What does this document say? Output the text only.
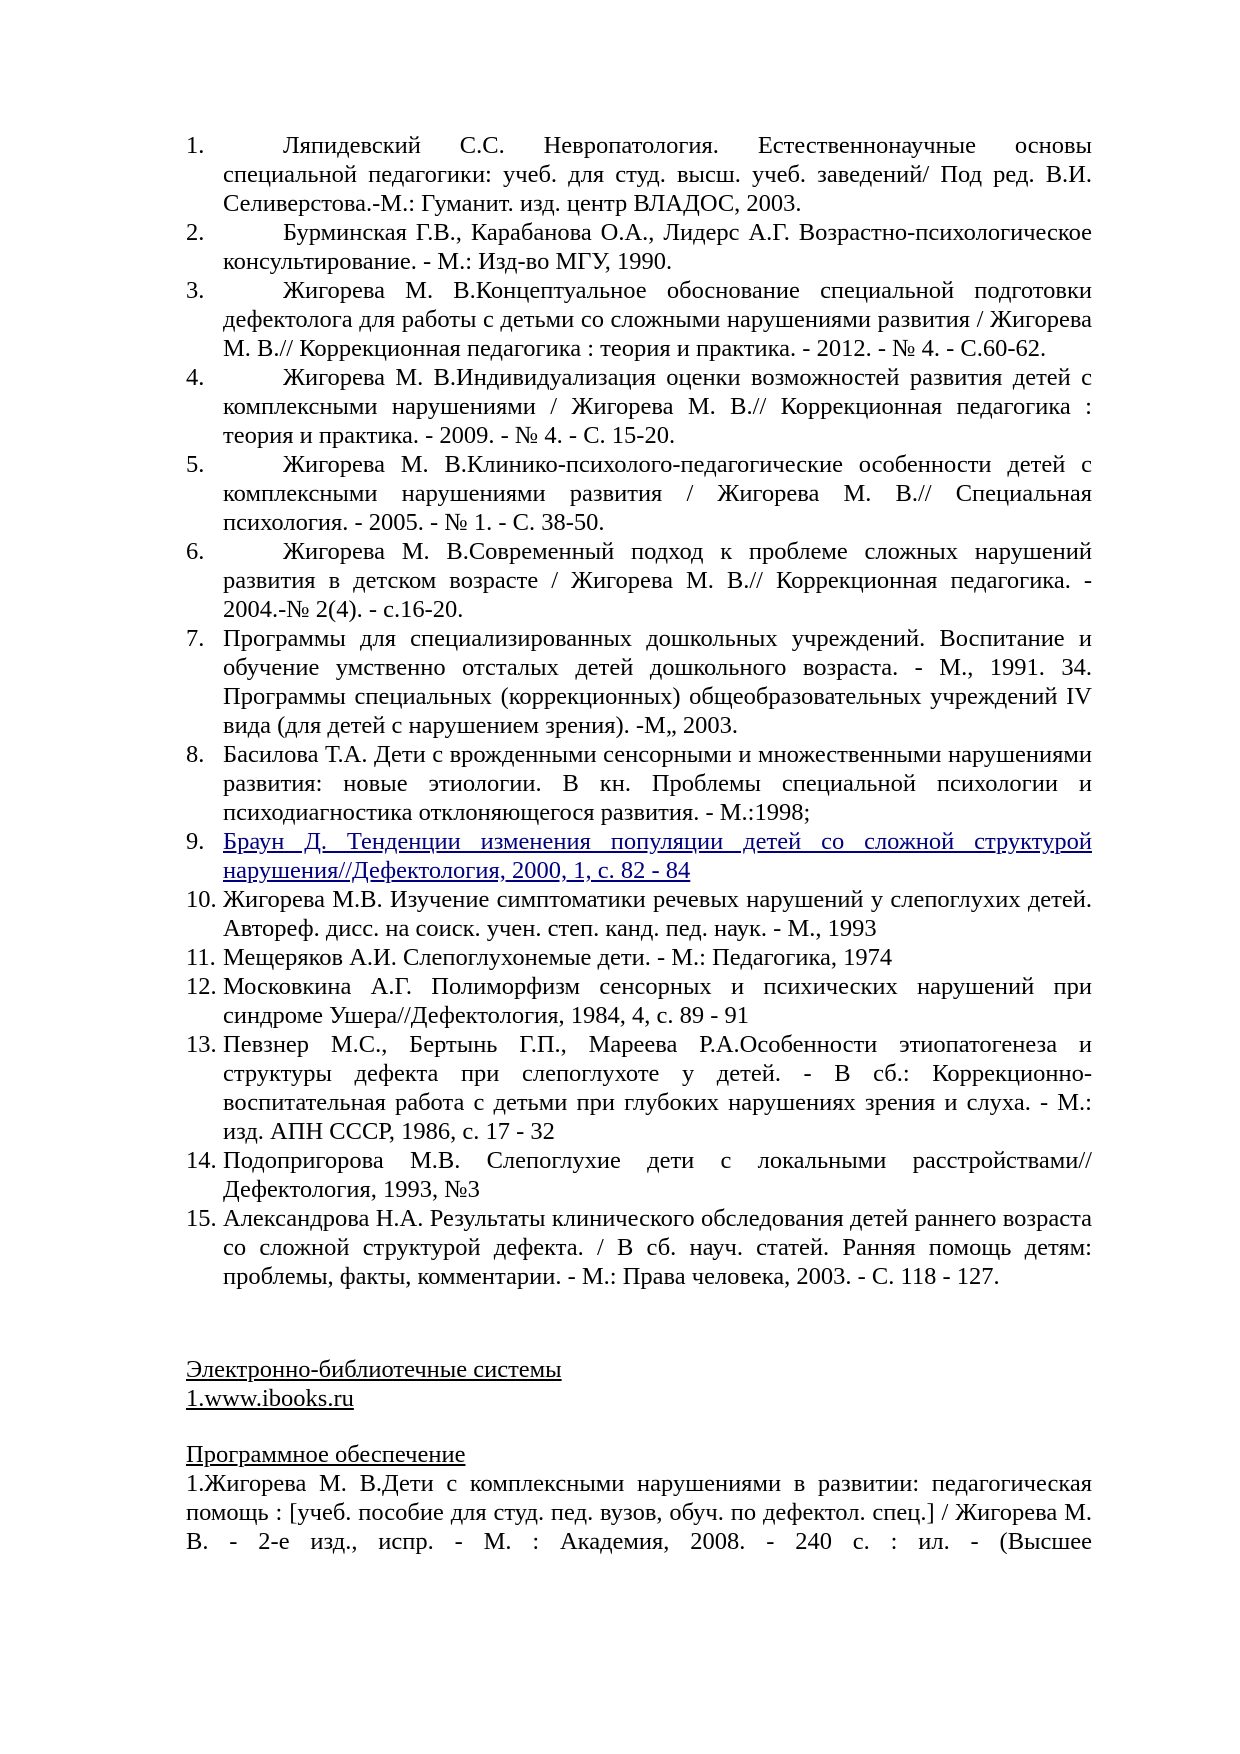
1.	Ляпидевский С.С. Невропатология. Естественнонаучные основы специальной педагогики: учеб. для студ. высш. учеб. заведений/ Под ред. В.И. Селиверстова.-М.: Гуманит. изд. центр ВЛАДОС, 2003.
2.	Бурминская Г.В., Карабанова О.А., Лидерс А.Г. Возрастно-психологическое консультирование. - М.: Изд-во МГУ, 1990.
3.	Жигорева М. В.Концептуальное обоснование специальной подготовки дефектолога для работы с детьми со сложными нарушениями развития / Жигорева М. В.// Коррекционная педагогика : теория и практика. - 2012. - № 4. - С.60-62.
4.	Жигорева М. В.Индивидуализация оценки возможностей развития детей с комплексными нарушениями / Жигорева М. В.// Коррекционная педагогика : теория и практика. - 2009. - № 4. - С. 15-20.
5.	Жигорева М. В.Клинико-психолого-педагогические особенности детей с комплексными нарушениями развития / Жигорева М. В.// Специальная психология. - 2005. - № 1. - С. 38-50.
6.	Жигорева М. В.Современный подход к проблеме сложных нарушений развития в детском возрасте / Жигорева М. В.// Коррекционная педагогика. - 2004.-№ 2(4). - с.16-20.
7. Программы для специализированных дошкольных учреждений. Воспитание и обучение умственно отсталых детей дошкольного возраста. - М., 1991. 34. Программы специальных (коррекционных) общеобразовательных учреждений IV вида (для детей с нарушением зрения). -М„ 2003.
8. Басилова Т.А. Дети с врожденными сенсорными и множественными нарушениями развития: новые этиологии. В кн. Проблемы специальной психологии и психодиагностика отклоняющегося развития. - М.:1998;
9. Браун Д. Тенденции изменения популяции детей со сложной структурой нарушения//Дефектология, 2000, 1, с. 82 - 84
10. Жигорева М.В. Изучение симптоматики речевых нарушений у слепоглухих детей. Автореф. дисс. на соиск. учен. степ. канд. пед. наук. - М., 1993
11. Мещеряков А.И. Слепоглухонемые дети. - М.: Педагогика, 1974
12. Московкина А.Г. Полиморфизм сенсорных и психических нарушений при синдроме Ушера//Дефектология, 1984, 4, с. 89 - 91
13. Певзнер М.С., Бертынь Г.П., Мареева Р.А.Особенности этиопатогенеза и структуры дефекта при слепоглухоте у детей. - В сб.: Коррекционно-воспитательная работа с детьми при глубоких нарушениях зрения и слуха. - М.: изд. АПН СССР, 1986, с. 17 - 32
14. Подопригорова М.В. Слепоглухие дети с локальными расстройствами//Дефектология, 1993, №3
15. Александрова Н.А. Результаты клинического обследования детей раннего возраста со сложной структурой дефекта. / В сб. науч. статей. Ранняя помощь детям: проблемы, факты, комментарии. - М.: Права человека, 2003. - С. 118 - 127.
Электронно-библиотечные системы
1.www.ibooks.ru
Программное обеспечение
1.Жигорева М. В.Дети с комплексными нарушениями в развитии: педагогическая помощь : [учеб. пособие для студ. пед. вузов, обуч. по дефектол. спец.] / Жигорева М. В. - 2-е изд., испр. - М. : Академия, 2008. - 240 с. : ил. - (Высшее
